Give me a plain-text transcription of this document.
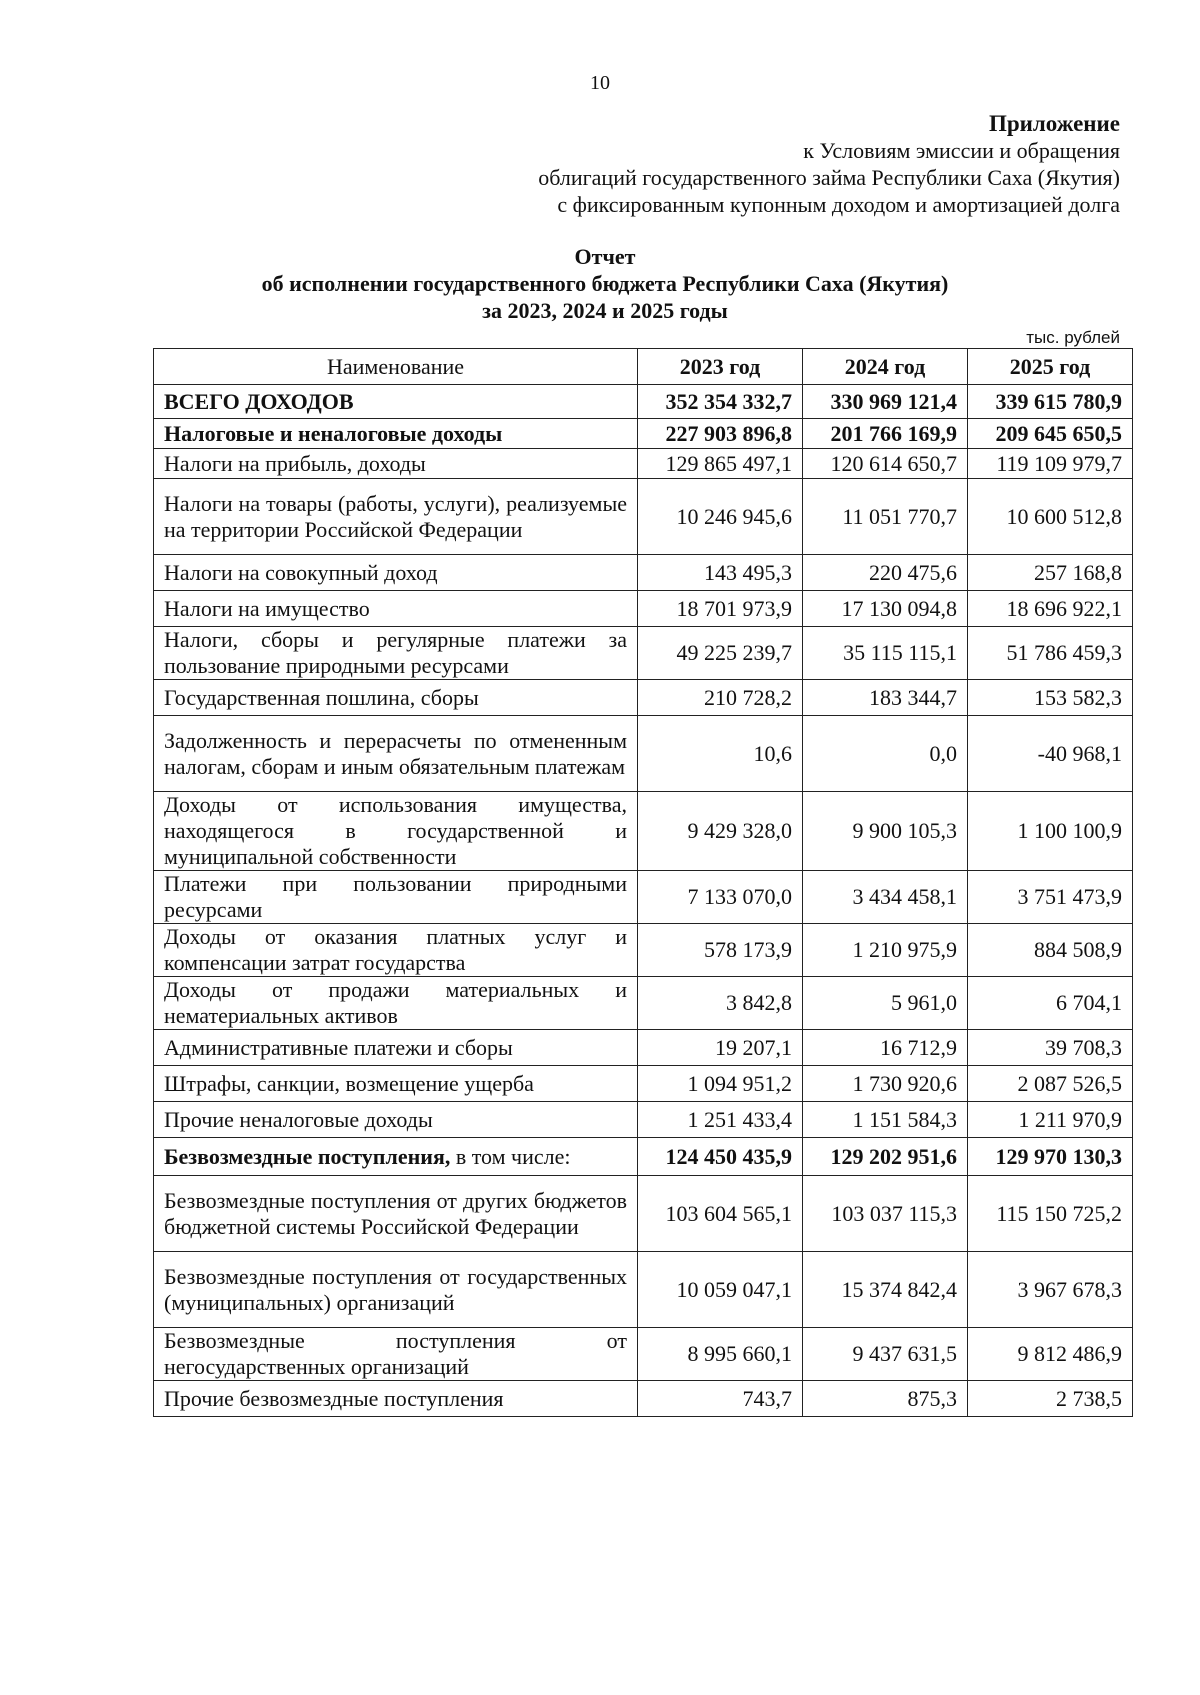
10
Приложение
к Условиям эмиссии и обращения
облигаций государственного займа Республики Саха (Якутия)
с фиксированным купонным доходом и амортизацией долга
Отчет
об исполнении государственного бюджета Республики Саха (Якутия)
за 2023, 2024 и 2025 годы
тыс. рублей
Наименование	2023 год	2024 год	2025 год
ВСЕГО ДОХОДОВ	352 354 332,7	330 969 121,4	339 615 780,9
Налоговые и неналоговые доходы	227 903 896,8	201 766 169,9	209 645 650,5
Налоги на прибыль, доходы	129 865 497,1	120 614 650,7	119 109 979,7
Налоги на товары (работы, услуги), реализуемые на территории Российской Федерации	10 246 945,6	11 051 770,7	10 600 512,8
Налоги на совокупный доход	143 495,3	220 475,6	257 168,8
Налоги на имущество	18 701 973,9	17 130 094,8	18 696 922,1
Налоги, сборы и регулярные платежи за пользование природными ресурсами	49 225 239,7	35 115 115,1	51 786 459,3
Государственная пошлина, сборы	210 728,2	183 344,7	153 582,3
Задолженность и перерасчеты по отмененным налогам, сборам и иным обязательным платежам	10,6	0,0	-40 968,1
Доходы от использования имущества, находящегося в государственной и муниципальной собственности	9 429 328,0	9 900 105,3	1 100 100,9
Платежи при пользовании природными ресурсами	7 133 070,0	3 434 458,1	3 751 473,9
Доходы от оказания платных услуг и компенсации затрат государства	578 173,9	1 210 975,9	884 508,9
Доходы от продажи материальных и нематериальных активов	3 842,8	5 961,0	6 704,1
Административные платежи и сборы	19 207,1	16 712,9	39 708,3
Штрафы, санкции, возмещение ущерба	1 094 951,2	1 730 920,6	2 087 526,5
Прочие неналоговые доходы	1 251 433,4	1 151 584,3	1 211 970,9
Безвозмездные поступления, в том числе:	124 450 435,9	129 202 951,6	129 970 130,3
Безвозмездные поступления от других бюджетов бюджетной системы Российской Федерации	103 604 565,1	103 037 115,3	115 150 725,2
Безвозмездные поступления от государственных (муниципальных) организаций	10 059 047,1	15 374 842,4	3 967 678,3
Безвозмездные поступления от негосударственных организаций	8 995 660,1	9 437 631,5	9 812 486,9
Прочие безвозмездные поступления	743,7	875,3	2 738,5
